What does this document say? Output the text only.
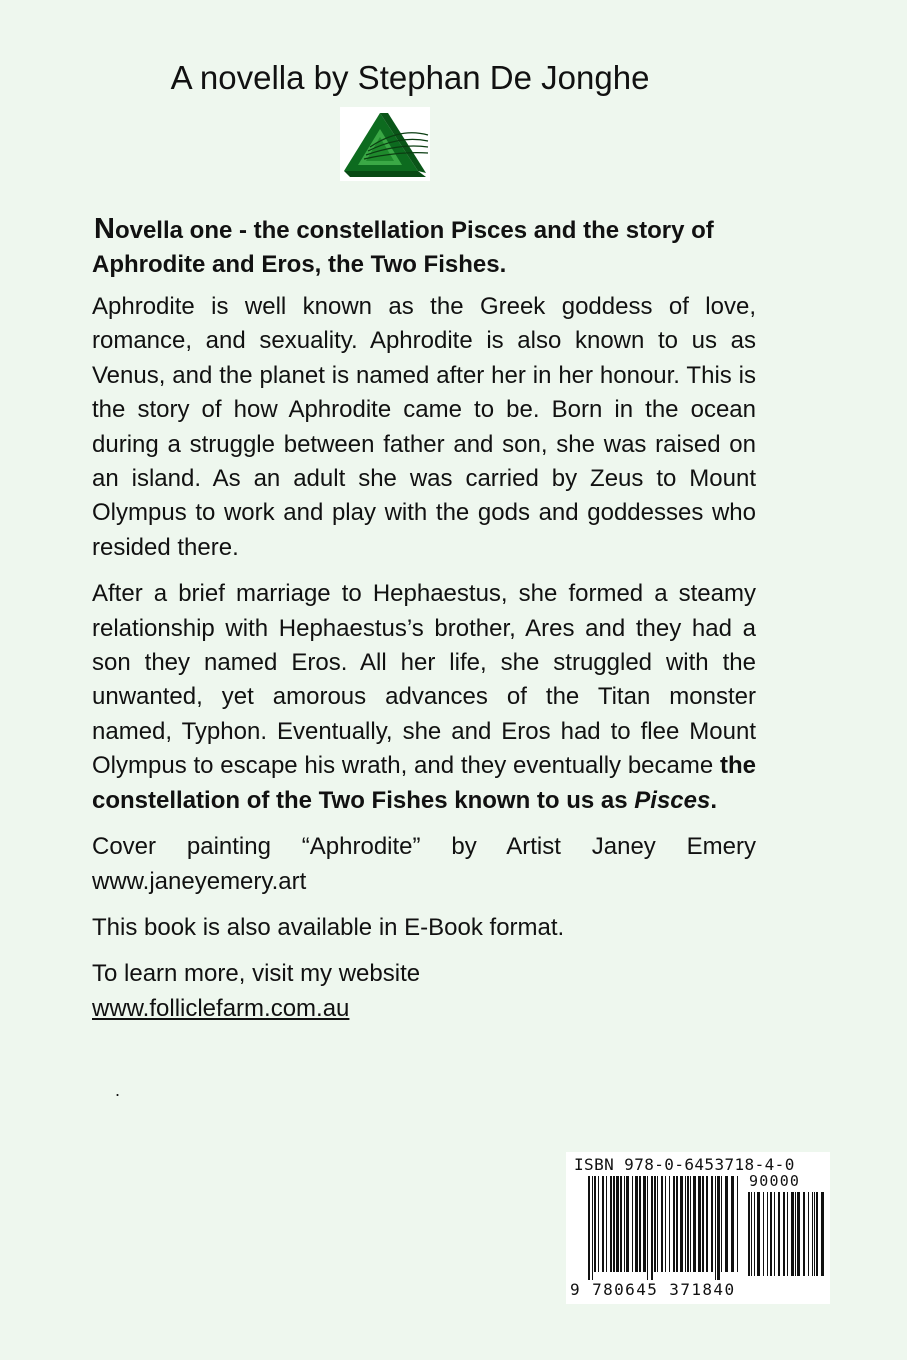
A novella by Stephan De Jonghe

Novella one - the constellation Pisces and the story of Aphrodite and Eros, the Two Fishes.

Aphrodite is well known as the Greek goddess of love, romance, and sexuality. Aphrodite is also known to us as Venus, and the planet is named after her in her honour. This is the story of how Aphrodite came to be. Born in the ocean during a struggle between father and son, she was raised on an island. As an adult she was carried by Zeus to Mount Olympus to work and play with the gods and goddesses who resided there.

After a brief marriage to Hephaestus, she formed a steamy relationship with Hephaestus’s brother, Ares and they had a son they named Eros. All her life, she struggled with the unwanted, yet amorous advances of the Titan monster named, Typhon. Eventually, she and Eros had to flee Mount Olympus to escape his wrath, and they eventually became the constellation of the Two Fishes known to us as Pisces.

Cover painting “Aphrodite” by Artist Janey Emery www.janeyemery.art

This book is also available in E-Book format.

To learn more, visit my website
www.folliclefarm.com.au

.
ISBN 978-0-6453718-4-0
90000
9 780645 371840
